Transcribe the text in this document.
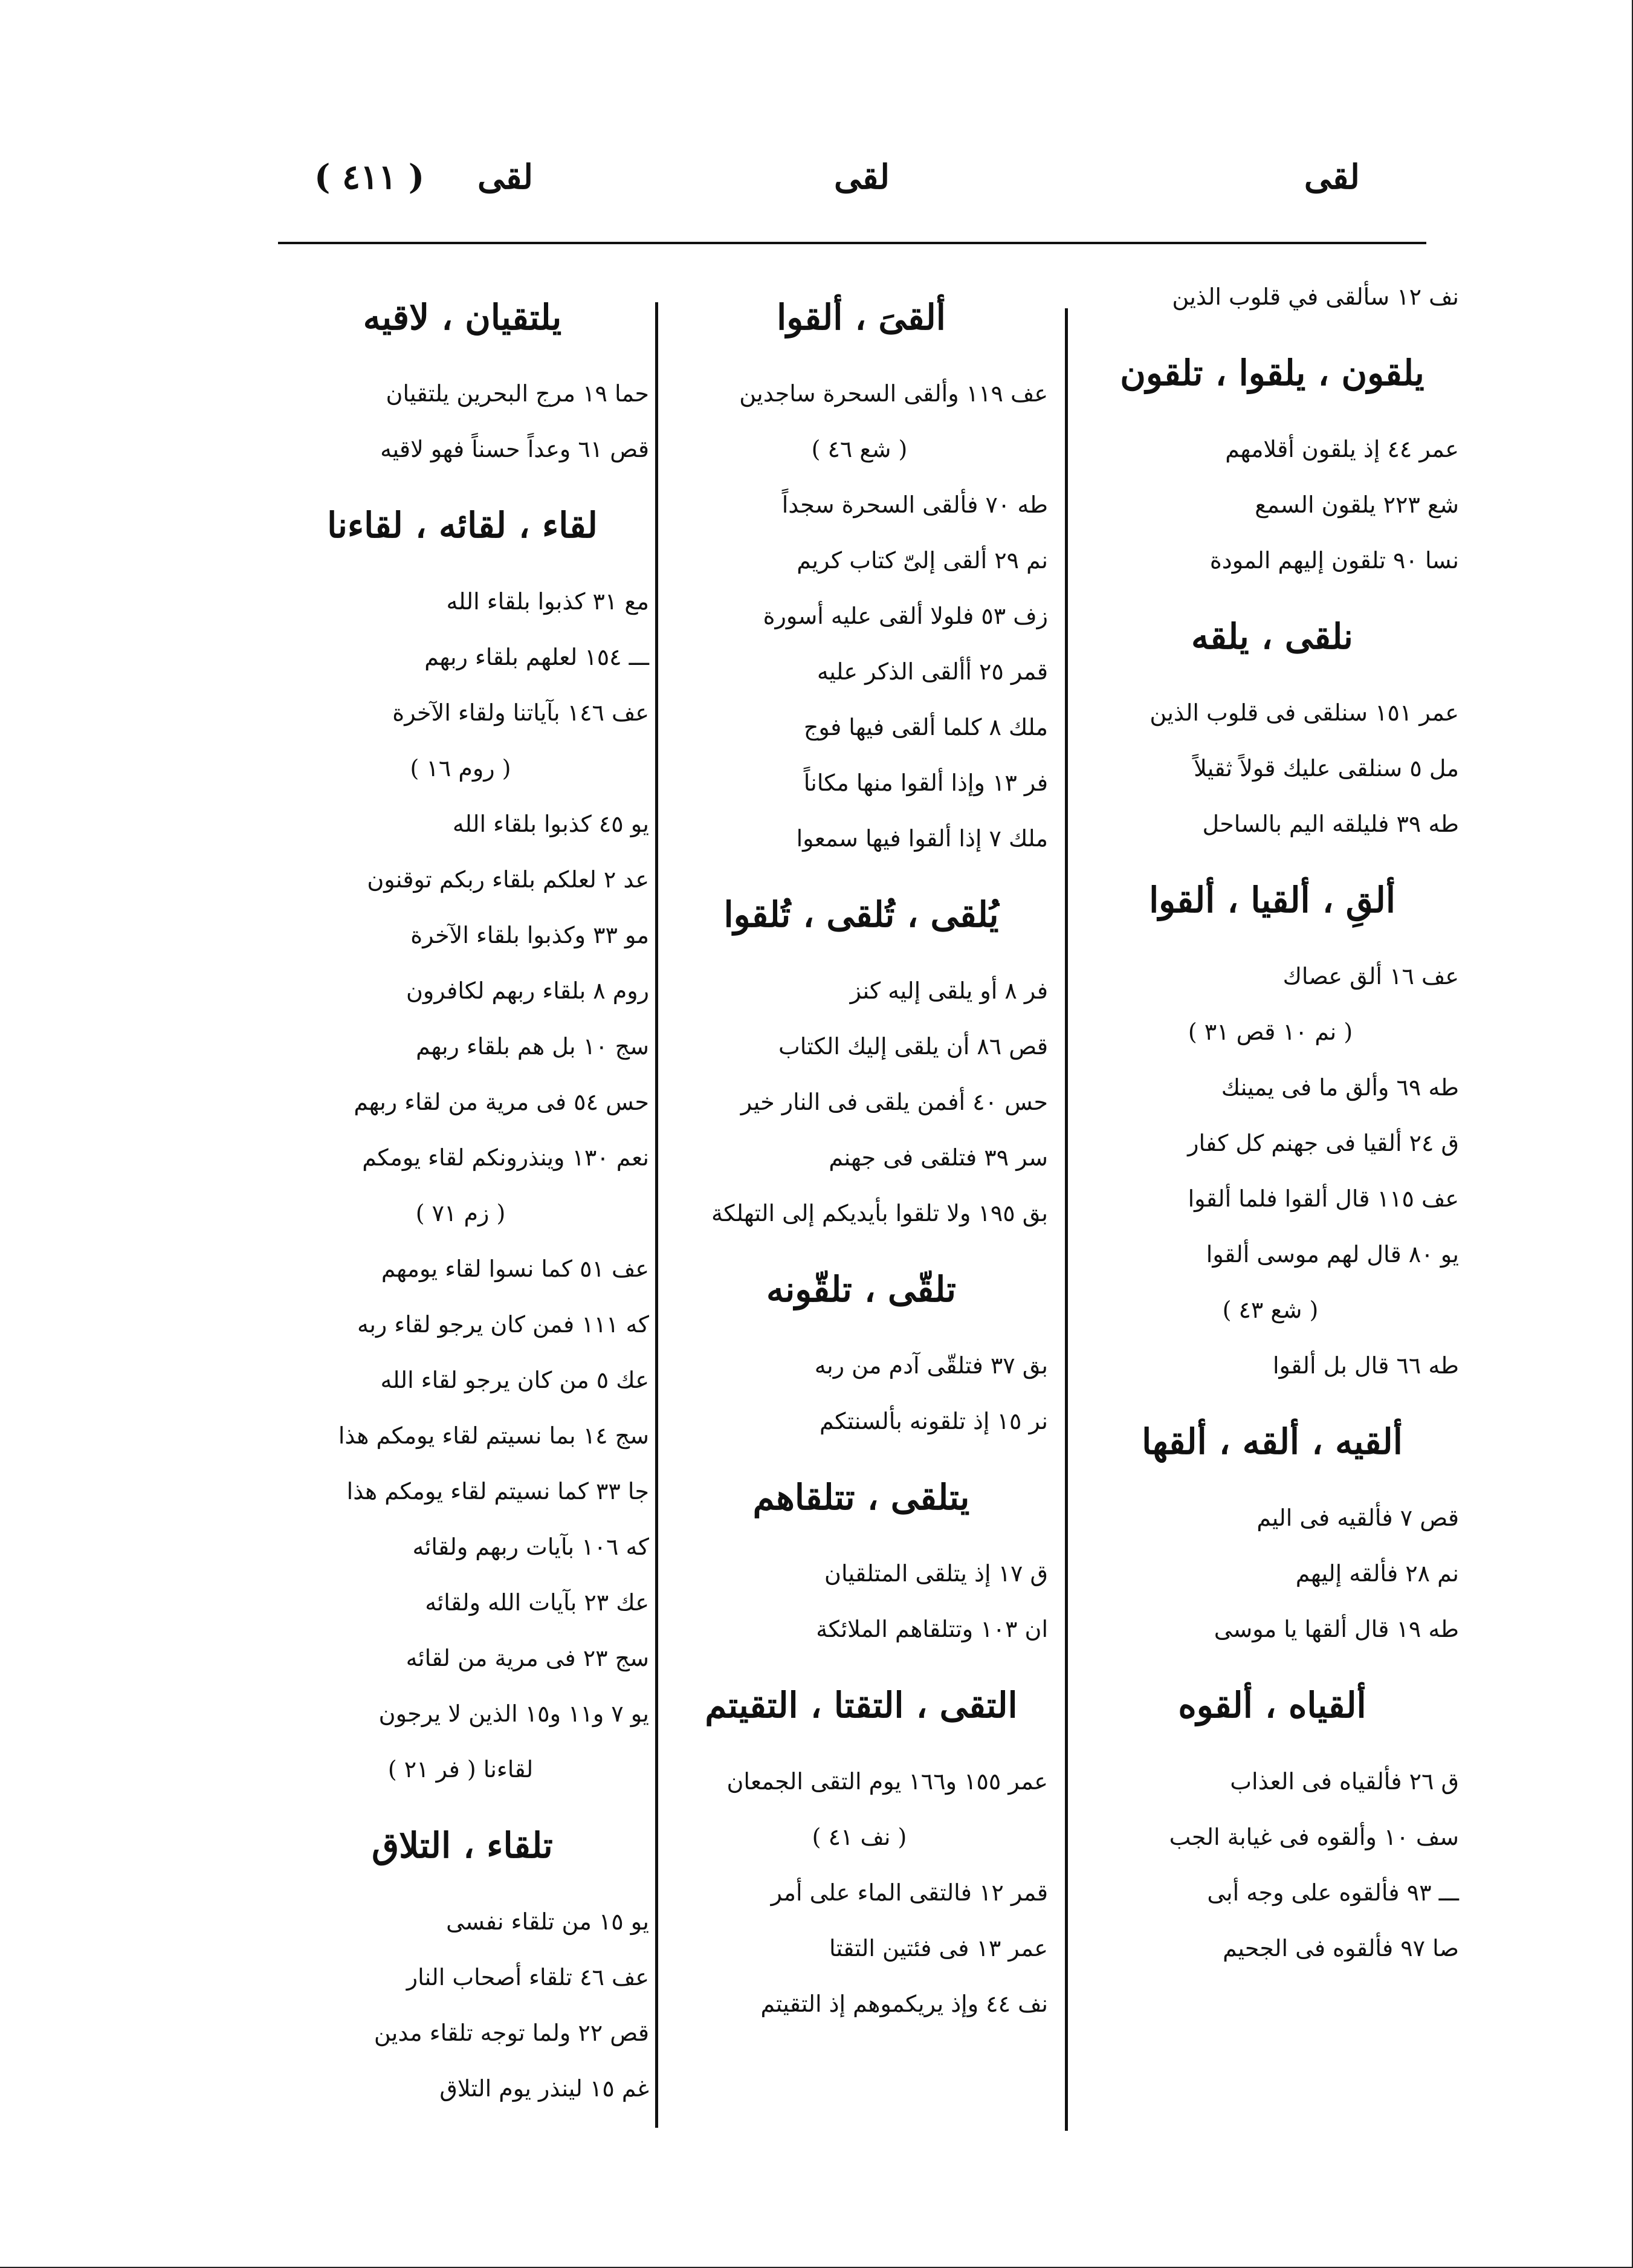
لقى
لقى
لقى
( ٤١١ )
نف ١٢ سألقى في قلوب الذين
يلقون ، يلقوا ، تلقون
عمر ٤٤ إذ يلقون أقلامهم
شع ٢٢٣ يلقون السمع
نسا ٩٠ تلقون إليهم المودة
نلقى ، يلقه
عمر ١٥١ سنلقى فى قلوب الذين
مل ٥ سنلقى عليك قولاً ثقيلاً
طه ٣٩ فليلقه اليم بالساحل
ألقِ ، ألقيا ، ألقوا
عف ١٦ ألق عصاك
( نم ١٠ قص ٣١ )
طه ٦٩ وألق ما فى يمينك
ق ٢٤ ألقيا فى جهنم كل كفار
عف ١١٥ قال ألقوا فلما ألقوا
يو ٨٠ قال لهم موسى ألقوا
( شع ٤٣ )
طه ٦٦ قال بل ألقوا
ألقيه ، ألقه ، ألقها
قص ٧ فألقيه فى اليم
نم ٢٨ فألقه إليهم
طه ١٩ قال ألقها يا موسى
ألقياه ، ألقوه
ق ٢٦ فألقياه فى العذاب
سف ١٠ وألقوه فى غيابة الجب
ـــ ٩٣ فألقوه على وجه أبى
صا ٩٧ فألقوه فى الجحيم
ألقىَ ، ألقوا
عف ١١٩ وألقى السحرة ساجدين
( شع ٤٦ )
طه ٧٠ فألقى السحرة سجداً
نم ٢٩ ألقى إلىّ كتاب كريم
زف ٥٣ فلولا ألقى عليه أسورة
قمر ٢٥ أألقى الذكر عليه
ملك ٨ كلما ألقى فيها فوج
فر ١٣ وإذا ألقوا منها مكاناً
ملك ٧ إذا ألقوا فيها سمعوا
يُلقى ، تُلقى ، تُلقوا
فر ٨ أو يلقى إليه كنز
قص ٨٦ أن يلقى إليك الكتاب
حس ٤٠ أفمن يلقى فى النار خير
سر ٣٩ فتلقى فى جهنم
بق ١٩٥ ولا تلقوا بأيديكم إلى التهلكة
تلقّى ، تلقّونه
بق ٣٧ فتلقّى آدم من ربه
نر ١٥ إذ تلقونه بألسنتكم
يتلقى ، تتلقاهم
ق ١٧ إذ يتلقى المتلقيان
ان ١٠٣ وتتلقاهم الملائكة
التقى ، التقتا ، التقيتم
عمر ١٥٥ و١٦٦ يوم التقى الجمعان
( نف ٤١ )
قمر ١٢ فالتقى الماء على أمر
عمر ١٣ فى فئتين التقتا
نف ٤٤ وإذ يريكموهم إذ التقيتم
يلتقيان ، لاقيه
حما ١٩ مرج البحرين يلتقيان
قص ٦١ وعداً حسناً فهو لاقيه
لقاء ، لقائه ، لقاءنا
مع ٣١ كذبوا بلقاء الله
ـــ ١٥٤ لعلهم بلقاء ربهم
عف ١٤٦ بآياتنا ولقاء الآخرة
( روم ١٦ )
يو ٤٥ كذبوا بلقاء الله
عد ٢ لعلكم بلقاء ربكم توقنون
مو ٣٣ وكذبوا بلقاء الآخرة
روم ٨ بلقاء ربهم لكافرون
سج ١٠ بل هم بلقاء ربهم
حس ٥٤ فى مرية من لقاء ربهم
نعم ١٣٠ وينذرونكم لقاء يومكم
( زم ٧١ )
عف ٥١ كما نسوا لقاء يومهم
كه ١١١ فمن كان يرجو لقاء ربه
عك ٥ من كان يرجو لقاء الله
سج ١٤ بما نسيتم لقاء يومكم هذا
جا ٣٣ كما نسيتم لقاء يومكم هذا
كه ١٠٦ بآيات ربهم ولقائه
عك ٢٣ بآيات الله ولقائه
سج ٢٣ فى مرية من لقائه
يو ٧ و١١ و١٥ الذين لا يرجون
لقاءنا ( فر ٢١ )
تلقاء ، التلاق
يو ١٥ من تلقاء نفسى
عف ٤٦ تلقاء أصحاب النار
قص ٢٢ ولما توجه تلقاء مدين
غم ١٥ لينذر يوم التلاق
